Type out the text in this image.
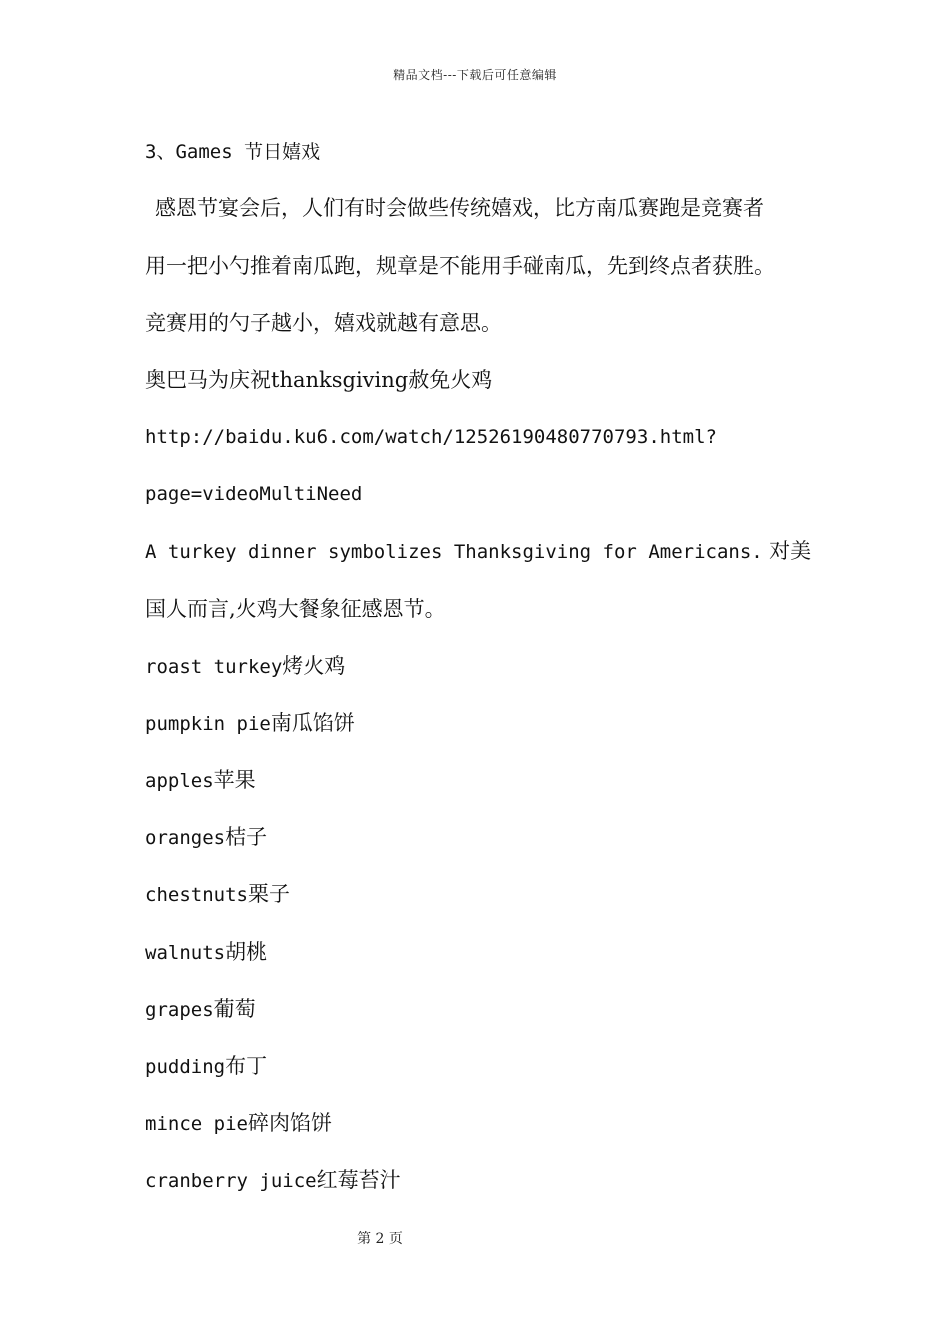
精品文档---下载后可任意编辑
3、Games 节日嬉戏
感恩节宴会后，人们有时会做些传统嬉戏，比方南瓜赛跑是竞赛者
用一把小勺推着南瓜跑，规章是不能用手碰南瓜，先到终点者获胜。
竞赛用的勺子越小，嬉戏就越有意思。
奥巴马为庆祝thanksgiving赦免火鸡
http://baidu.ku6.com/watch/12526190480770793.html?
page=videoMultiNeed
A turkey dinner symbolizes Thanksgiving for Americans. 对美
国人而言,火鸡大餐象征感恩节。
roast turkey烤火鸡
pumpkin pie南瓜馅饼
apples苹果
oranges桔子
chestnuts栗子
walnuts胡桃
grapes葡萄
pudding布丁
mince pie碎肉馅饼
cranberry juice红莓苔汁
第 2 页
